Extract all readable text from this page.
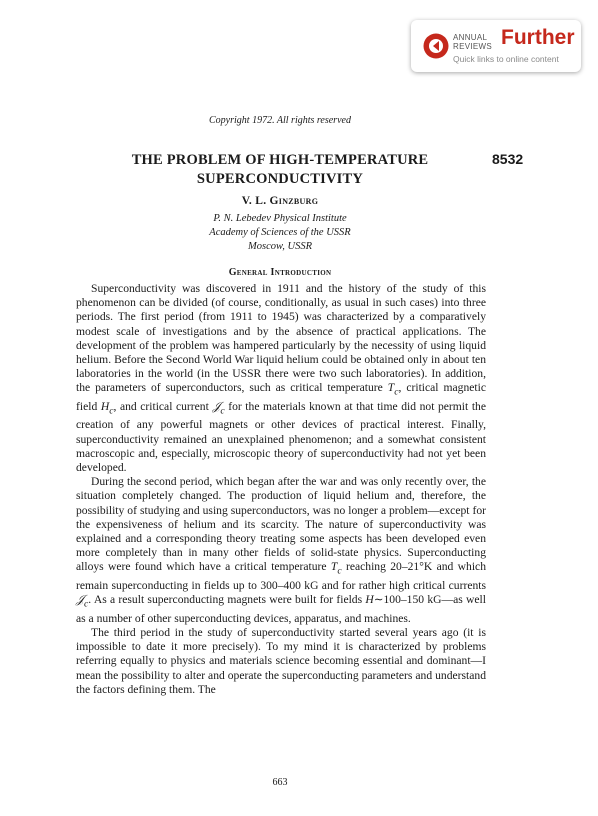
ANNUAL
REVIEWS Further
Quick links to online content
Copyright 1972. All rights reserved
THE PROBLEM OF HIGH-TEMPERATURE
SUPERCONDUCTIVITY
8532
V. L. Ginzburg
P. N. Lebedev Physical Institute
Academy of Sciences of the USSR
Moscow, USSR
General Introduction

Superconductivity was discovered in 1911 and the history of the study of this phenomenon can be divided (of course, conditionally, as usual in such cases) into three periods. The first period (from 1911 to 1945) was characterized by a comparatively modest scale of investigations and by the absence of practical applications. The development of the problem was hampered particularly by the necessity of using liquid helium. Before the Second World War liquid helium could be obtained only in about ten laboratories in the world (in the USSR there were two such laboratories). In addition, the parameters of superconductors, such as critical temperature $T_c$, critical magnetic field $H_c$, and critical current 𝒥$_c$ for the materials known at that time did not permit the creation of any powerful magnets or other devices of practical interest. Finally, superconductivity remained an unexplained phenomenon; and a somewhat consistent macroscopic and, especially, microscopic theory of superconductivity had not yet been developed.

During the second period, which began after the war and was only recently over, the situation completely changed. The production of liquid helium and, therefore, the possibility of studying and using superconductors, was no longer a problem—except for the expensiveness of helium and its scarcity. The nature of superconductivity was explained and a corresponding theory treating some aspects has been developed even more completely than in many other fields of solid-state physics. Superconducting alloys were found which have a critical temperature $T_c$ reaching 20–21°K and which remain superconducting in fields up to 300–400 kG and for rather high critical currents 𝒥$_c$. As a result superconducting magnets were built for fields H∼100–150 kG—as well as a number of other superconducting devices, apparatus, and machines.

The third period in the study of superconductivity started several years ago (it is impossible to date it more precisely). To my mind it is characterized by problems referring equally to physics and materials science becoming essential and dominant—I mean the possibility to alter and operate the superconducting parameters and understand the factors defining them. The

663
